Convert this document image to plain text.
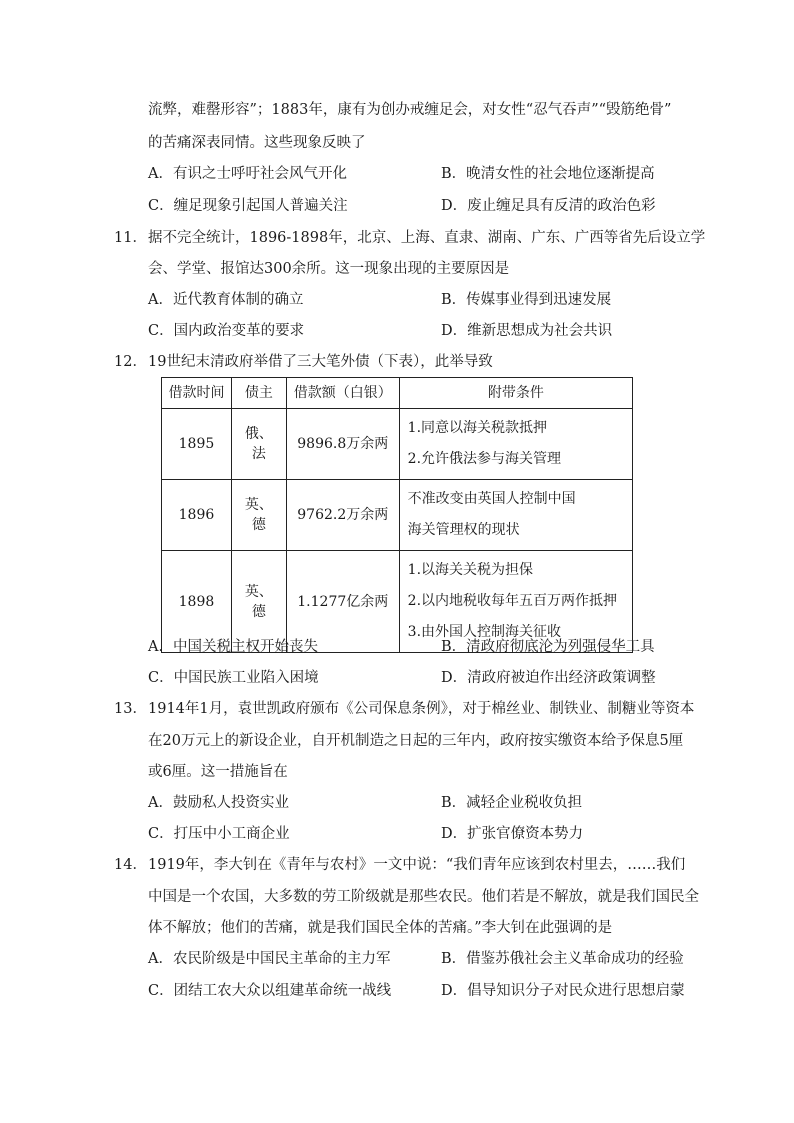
流弊，难罄形容”；1883年，康有为创办戒缠足会，对女性“忍气吞声”“毁筋绝骨”
的苦痛深表同情。这些现象反映了
A．有识之士呼吁社会风气开化	B．晚清女性的社会地位逐渐提高
C．缠足现象引起国人普遍关注	D．废止缠足具有反清的政治色彩
11． 据不完全统计，1896-1898年，北京、上海、直隶、湖南、广东、广西等省先后设立学
会、学堂、报馆达300余所。这一现象出现的主要原因是
A．近代教育体制的确立	B．传媒事业得到迅速发展
C．国内政治变革的要求	D．维新思想成为社会共识
12． 19世纪末清政府举借了三大笔外债（下表），此举导致
借款时间	债主	借款额（白银）	附带条件
1895	俄、法	9896.8万余两	1.同意以海关税款抵押
2.允许俄法参与海关管理

1896	英、德	9762.2万余两	不准改变由英国人控制中国
海关管理权的现状

1898	英、德	1.1277亿余两	1.以海关关税为担保
2.以内地税收每年五百万两作抵押
3.由外国人控制海关征收
A．中国关税主权开始丧失	B．清政府彻底沦为列强侵华工具
C．中国民族工业陷入困境	D．清政府被迫作出经济政策调整
13． 1914年1月，袁世凯政府颁布《公司保息条例》，对于棉丝业、制铁业、制糖业等资本
在20万元上的新设企业，自开机制造之日起的三年内，政府按实缴资本给予保息5厘
或6厘。这一措施旨在
A．鼓励私人投资实业	B．减轻企业税收负担
C．打压中小工商企业	D．扩张官僚资本势力
14． 1919年，李大钊在《青年与农村》一文中说：“我们青年应该到农村里去，……我们
中国是一个农国，大多数的劳工阶级就是那些农民。他们若是不解放，就是我们国民全
体不解放；他们的苦痛，就是我们国民全体的苦痛。”李大钊在此强调的是
A．农民阶级是中国民主革命的主力军	B．借鉴苏俄社会主义革命成功的经验
C．团结工农大众以组建革命统一战线	D．倡导知识分子对民众进行思想启蒙
